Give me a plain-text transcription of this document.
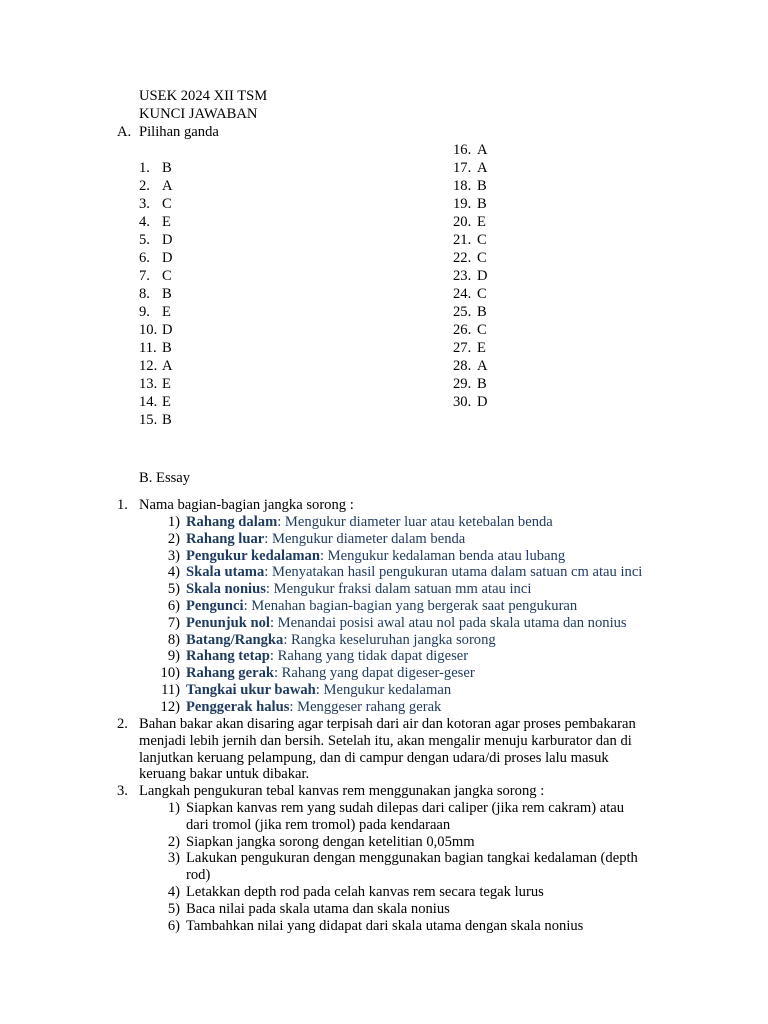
USEK 2024 XII TSM
KUNCI JAWABAN
A. Pilihan ganda
1. B
2. A
3. C
4. E
5. D
6. D
7. C
8. B
9. E
10. D
11. B
12. A
13. E
14. E
15. B
16. A
17. A
18. B
19. B
20. E
21. C
22. C
23. D
24. C
25. B
26. C
27. E
28. A
29. B
30. D
B. Essay
1. Nama bagian-bagian jangka sorong :
1) Rahang dalam: Mengukur diameter luar atau ketebalan benda
2) Rahang luar: Mengukur diameter dalam benda
3) Pengukur kedalaman: Mengukur kedalaman benda atau lubang
4) Skala utama: Menyatakan hasil pengukuran utama dalam satuan cm atau inci
5) Skala nonius: Mengukur fraksi dalam satuan mm atau inci
6) Pengunci: Menahan bagian-bagian yang bergerak saat pengukuran
7) Penunjuk nol: Menandai posisi awal atau nol pada skala utama dan nonius
8) Batang/Rangka: Rangka keseluruhan jangka sorong
9) Rahang tetap: Rahang yang tidak dapat digeser
10) Rahang gerak: Rahang yang dapat digeser-geser
11) Tangkai ukur bawah: Mengukur kedalaman
12) Penggerak halus: Menggeser rahang gerak
2. Bahan bakar akan disaring agar terpisah dari air dan kotoran agar proses pembakaran
menjadi lebih jernih dan bersih. Setelah itu, akan mengalir menuju karburator dan di
lanjutkan keruang pelampung, dan di campur dengan udara/di proses lalu masuk
keruang bakar untuk dibakar.
3. Langkah pengukuran tebal kanvas rem menggunakan jangka sorong :
1) Siapkan kanvas rem yang sudah dilepas dari caliper (jika rem cakram) atau
dari tromol (jika rem tromol) pada kendaraan
2) Siapkan jangka sorong dengan ketelitian 0,05mm
3) Lakukan pengukuran dengan menggunakan bagian tangkai kedalaman (depth
rod)
4) Letakkan depth rod pada celah kanvas rem secara tegak lurus
5) Baca nilai pada skala utama dan skala nonius
6) Tambahkan nilai yang didapat dari skala utama dengan skala nonius
